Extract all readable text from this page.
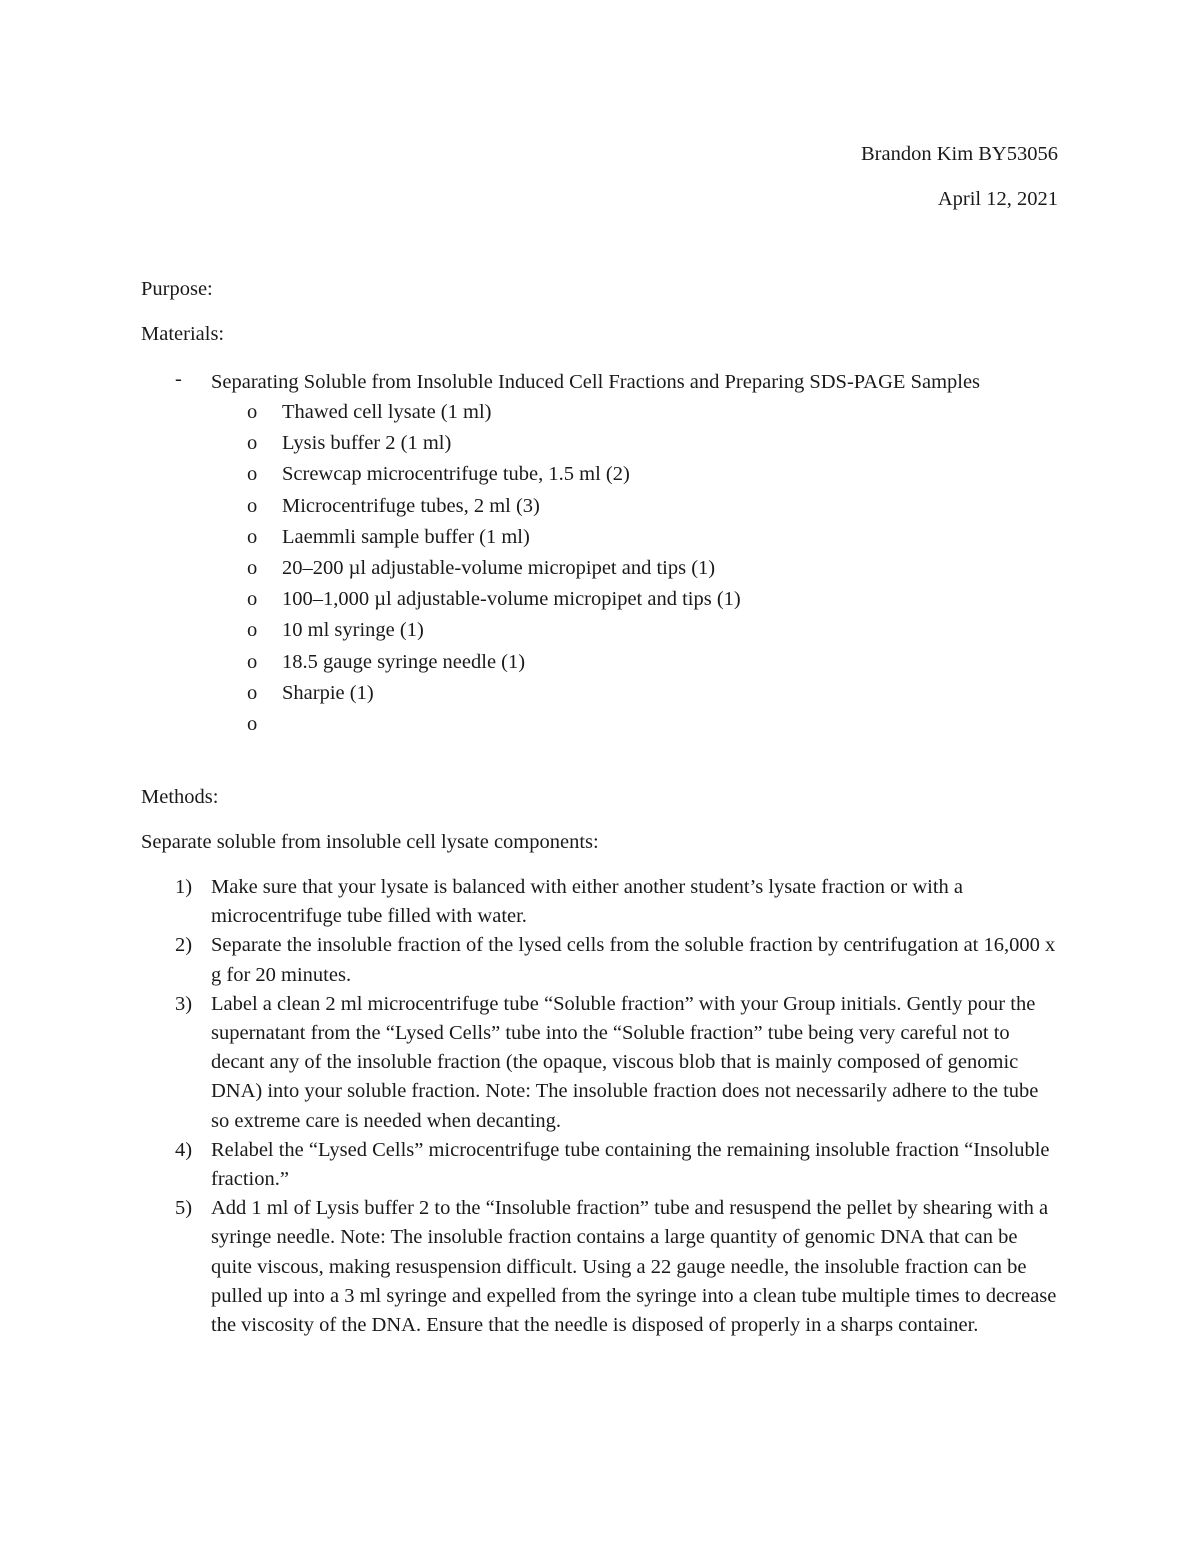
Brandon Kim BY53056
April 12, 2021
Purpose:
Materials:
- Separating Soluble from Insoluble Induced Cell Fractions and Preparing SDS-PAGE Samples
o Thawed cell lysate (1 ml)
o Lysis buffer 2 (1 ml)
o Screwcap microcentrifuge tube, 1.5 ml (2)
o Microcentrifuge tubes, 2 ml (3)
o Laemmli sample buffer (1 ml)
o 20–200 µl adjustable-volume micropipet and tips (1)
o 100–1,000 µl adjustable-volume micropipet and tips (1)
o 10 ml syringe (1)
o 18.5 gauge syringe needle (1)
o Sharpie (1)
o
Methods:
Separate soluble from insoluble cell lysate components:
1) Make sure that your lysate is balanced with either another student’s lysate fraction or with a microcentrifuge tube filled with water.
2) Separate the insoluble fraction of the lysed cells from the soluble fraction by centrifugation at 16,000 x g for 20 minutes.
3) Label a clean 2 ml microcentrifuge tube “Soluble fraction” with your Group initials. Gently pour the supernatant from the “Lysed Cells” tube into the “Soluble fraction” tube being very careful not to decant any of the insoluble fraction (the opaque, viscous blob that is mainly composed of genomic DNA) into your soluble fraction. Note: The insoluble fraction does not necessarily adhere to the tube so extreme care is needed when decanting.
4) Relabel the “Lysed Cells” microcentrifuge tube containing the remaining insoluble fraction “Insoluble fraction.”
5) Add 1 ml of Lysis buffer 2 to the “Insoluble fraction” tube and resuspend the pellet by shearing with a syringe needle. Note: The insoluble fraction contains a large quantity of genomic DNA that can be quite viscous, making resuspension difficult. Using a 22 gauge needle, the insoluble fraction can be pulled up into a 3 ml syringe and expelled from the syringe into a clean tube multiple times to decrease the viscosity of the DNA. Ensure that the needle is disposed of properly in a sharps container.
